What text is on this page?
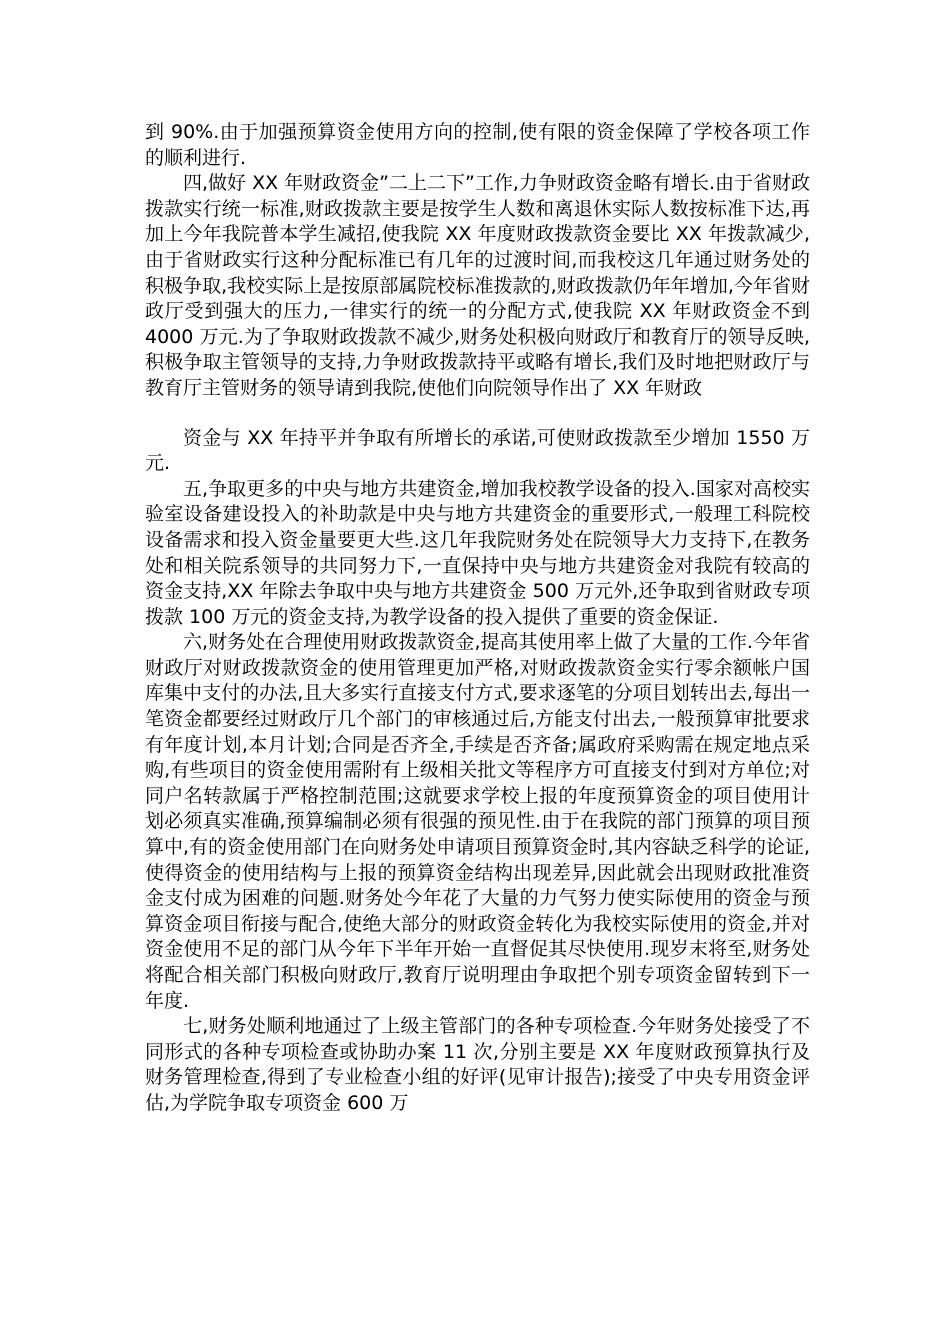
到 90%.由于加强预算资金使用方向的控制,使有限的资金保障了学校各项工作的顺利进行.

四,做好 XX 年财政资金”二上二下”工作,力争财政资金略有增长.由于省财政拨款实行统一标准,财政拨款主要是按学生人数和离退休实际人数按标准下达,再加上今年我院普本学生减招,使我院 XX 年度财政拨款资金要比 XX 年拨款减少,由于省财政实行这种分配标准已有几年的过渡时间,而我校这几年通过财务处的积极争取,我校实际上是按原部属院校标准拨款的,财政拨款仍年年增加,今年省财政厅受到强大的压力,一律实行的统一的分配方式,使我院 XX 年财政资金不到 4000 万元.为了争取财政拨款不减少,财务处积极向财政厅和教育厅的领导反映,积极争取主管领导的支持,力争财政拨款持平或略有增长,我们及时地把财政厅与教育厅主管财务的领导请到我院,使他们向院领导作出了 XX 年财政

资金与 XX 年持平并争取有所增长的承诺,可使财政拨款至少增加 1550 万元.

五,争取更多的中央与地方共建资金,增加我校教学设备的投入.国家对高校实验室设备建设投入的补助款是中央与地方共建资金的重要形式,一般理工科院校设备需求和投入资金量要更大些.这几年我院财务处在院领导大力支持下,在教务处和相关院系领导的共同努力下,一直保持中央与地方共建资金对我院有较高的资金支持,XX 年除去争取中央与地方共建资金 500 万元外,还争取到省财政专项拨款 100 万元的资金支持,为教学设备的投入提供了重要的资金保证.

六,财务处在合理使用财政拨款资金,提高其使用率上做了大量的工作.今年省财政厅对财政拨款资金的使用管理更加严格,对财政拨款资金实行零余额帐户国库集中支付的办法,且大多实行直接支付方式,要求逐笔的分项目划转出去,每出一笔资金都要经过财政厅几个部门的审核通过后,方能支付出去,一般预算审批要求有年度计划,本月计划;合同是否齐全,手续是否齐备;属政府采购需在规定地点采购,有些项目的资金使用需附有上级相关批文等程序方可直接支付到对方单位;对同户名转款属于严格控制范围;这就要求学校上报的年度预算资金的项目使用计划必须真实准确,预算编制必须有很强的预见性.由于在我院的部门预算的项目预算中,有的资金使用部门在向财务处申请项目预算资金时,其内容缺乏科学的论证,使得资金的使用结构与上报的预算资金结构出现差异,因此就会出现财政批准资金支付成为困难的问题.财务处今年花了大量的力气努力使实际使用的资金与预算资金项目衔接与配合,使绝大部分的财政资金转化为我校实际使用的资金,并对资金使用不足的部门从今年下半年开始一直督促其尽快使用.现岁末将至,财务处将配合相关部门积极向财政厅,教育厅说明理由争取把个别专项资金留转到下一年度.

七,财务处顺利地通过了上级主管部门的各种专项检查.今年财务处接受了不同形式的各种专项检查或协助办案 11 次,分别主要是 XX 年度财政预算执行及财务管理检查,得到了专业检查小组的好评(见审计报告);接受了中央专用资金评估,为学院争取专项资金 600 万
